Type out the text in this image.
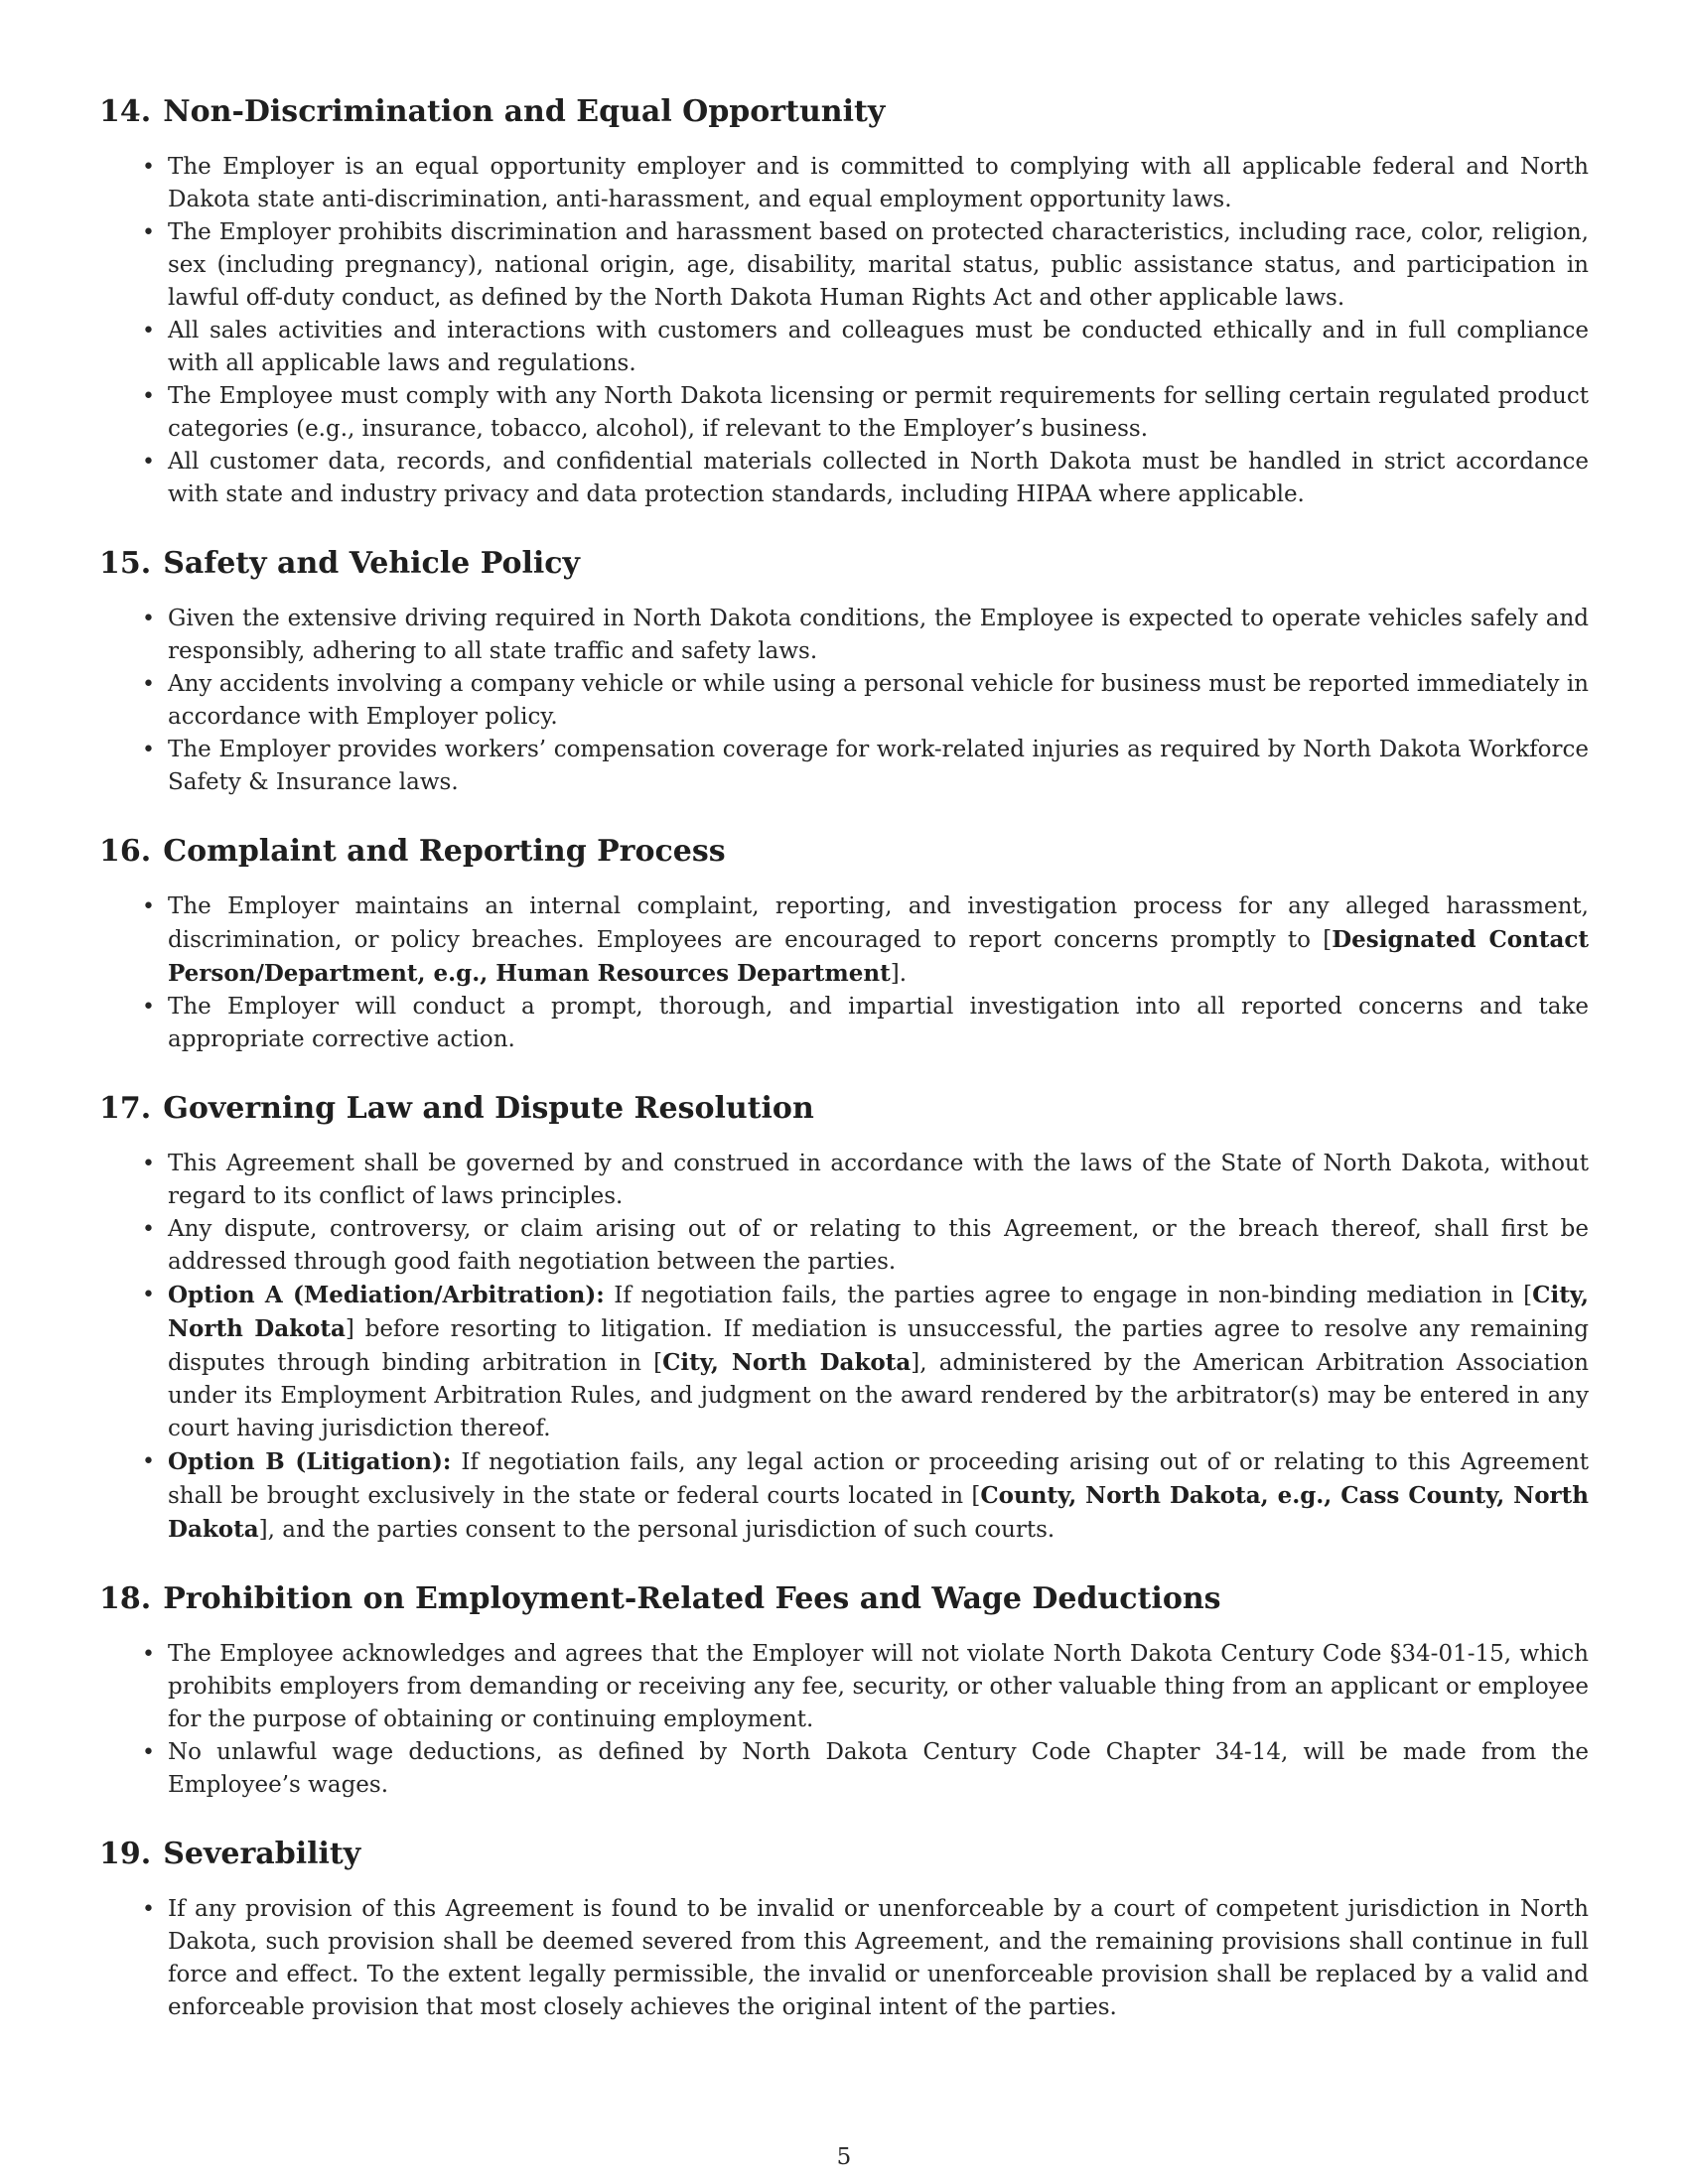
14. Non-Discrimination and Equal Opportunity
• The Employer is an equal opportunity employer and is committed to complying with all applicable federal and North Dakota state anti-discrimination, anti-harassment, and equal employment opportunity laws.
• The Employer prohibits discrimination and harassment based on protected characteristics, including race, color, religion, sex (including pregnancy), national origin, age, disability, marital status, public assistance status, and participation in lawful off-duty conduct, as defined by the North Dakota Human Rights Act and other applicable laws.
• All sales activities and interactions with customers and colleagues must be conducted ethically and in full compliance with all applicable laws and regulations.
• The Employee must comply with any North Dakota licensing or permit requirements for selling certain regulated product categories (e.g., insurance, tobacco, alcohol), if relevant to the Employer’s business.
• All customer data, records, and confidential materials collected in North Dakota must be handled in strict accordance with state and industry privacy and data protection standards, including HIPAA where applicable.
15. Safety and Vehicle Policy
• Given the extensive driving required in North Dakota conditions, the Employee is expected to operate vehicles safely and responsibly, adhering to all state traffic and safety laws.
• Any accidents involving a company vehicle or while using a personal vehicle for business must be reported immediately in accordance with Employer policy.
• The Employer provides workers’ compensation coverage for work-related injuries as required by North Dakota Workforce Safety & Insurance laws.
16. Complaint and Reporting Process
• The Employer maintains an internal complaint, reporting, and investigation process for any alleged harassment, discrimination, or policy breaches. Employees are encouraged to report concerns promptly to [Designated Contact Person/Department, e.g., Human Resources Department].
• The Employer will conduct a prompt, thorough, and impartial investigation into all reported concerns and take appropriate corrective action.
17. Governing Law and Dispute Resolution
• This Agreement shall be governed by and construed in accordance with the laws of the State of North Dakota, without regard to its conflict of laws principles.
• Any dispute, controversy, or claim arising out of or relating to this Agreement, or the breach thereof, shall first be addressed through good faith negotiation between the parties.
• Option A (Mediation/Arbitration): If negotiation fails, the parties agree to engage in non-binding mediation in [City, North Dakota] before resorting to litigation. If mediation is unsuccessful, the parties agree to resolve any remaining disputes through binding arbitration in [City, North Dakota], administered by the American Arbitration Association under its Employment Arbitration Rules, and judgment on the award rendered by the arbitrator(s) may be entered in any court having jurisdiction thereof.
• Option B (Litigation): If negotiation fails, any legal action or proceeding arising out of or relating to this Agreement shall be brought exclusively in the state or federal courts located in [County, North Dakota, e.g., Cass County, North Dakota], and the parties consent to the personal jurisdiction of such courts.
18. Prohibition on Employment-Related Fees and Wage Deductions
• The Employee acknowledges and agrees that the Employer will not violate North Dakota Century Code §34-01-15, which prohibits employers from demanding or receiving any fee, security, or other valuable thing from an applicant or employee for the purpose of obtaining or continuing employment.
• No unlawful wage deductions, as defined by North Dakota Century Code Chapter 34-14, will be made from the Employee’s wages.
19. Severability
• If any provision of this Agreement is found to be invalid or unenforceable by a court of competent jurisdiction in North Dakota, such provision shall be deemed severed from this Agreement, and the remaining provisions shall continue in full force and effect. To the extent legally permissible, the invalid or unenforceable provision shall be replaced by a valid and enforceable provision that most closely achieves the original intent of the parties.
5
